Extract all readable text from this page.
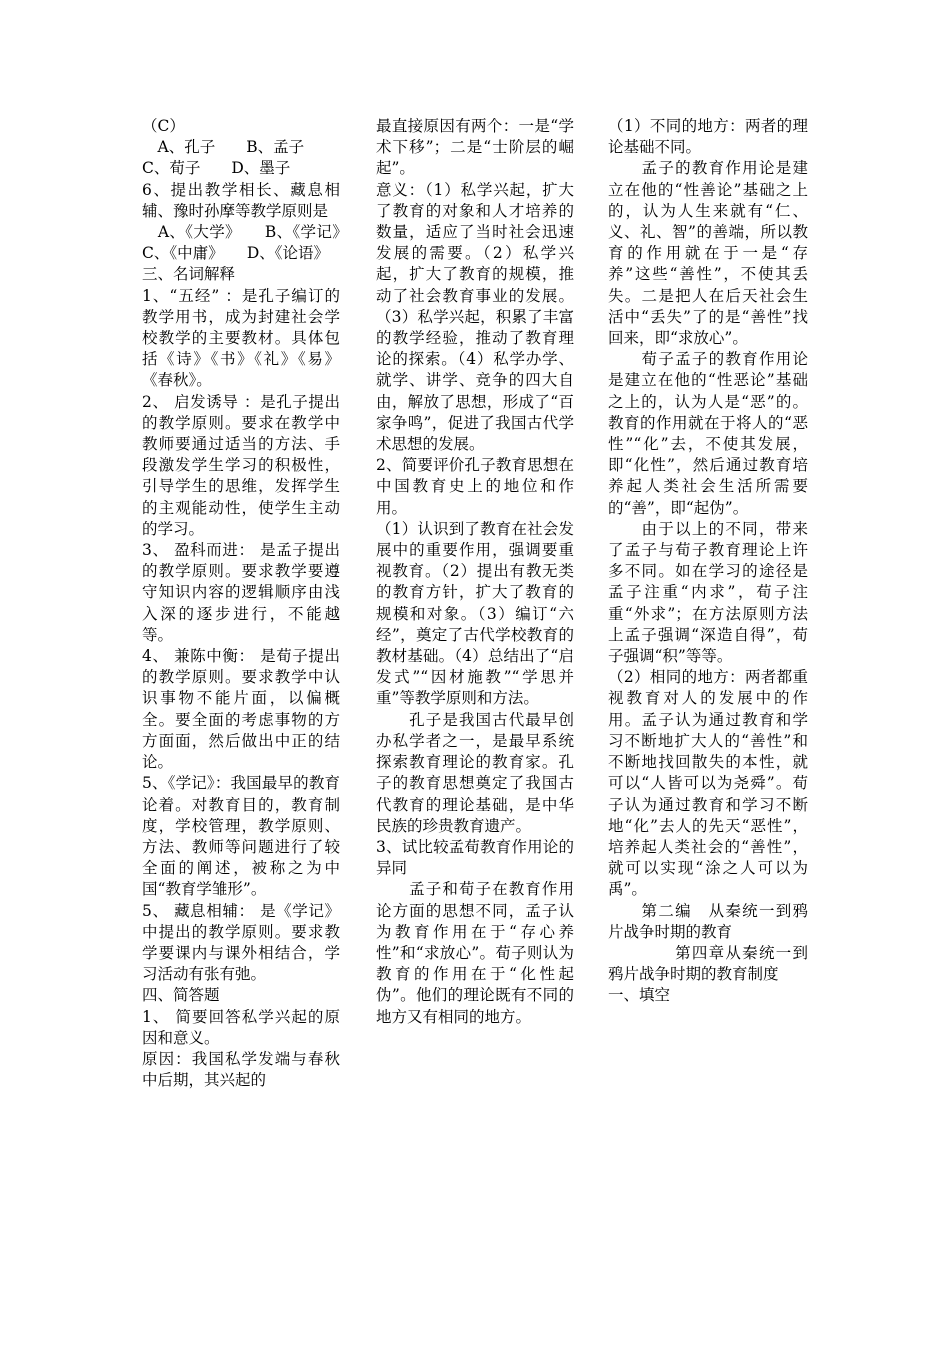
（C）
　A、孔子　　B、孟子
C、荀子　　D、墨子
6、提出教学相长、藏息相辅、豫时孙摩等教学原则是
　A、《大学》　　B、《学记》　　C、《中庸》　　D、《论语》
三、名词解释
1、“五经” ：是孔子编订的教学用书，成为封建社会学校教学的主要教材。具体包括《诗》《书》《礼》《易》《春秋》。
2、 启发诱导 ：是孔子提出的教学原则。要求在教学中教师要通过适当的方法、手段激发学生学习的积极性，引导学生的思维，发挥学生的主观能动性，使学生主动的学习。
3、 盈科而进： 是孟子提出的教学原则。要求教学要遵守知识内容的逻辑顺序由浅入深的逐步进行，不能越等。
4、 兼陈中衡： 是荀子提出的教学原则。要求教学中认识事物不能片面，以偏概全。要全面的考虑事物的方方面面，然后做出中正的结论。
5、《学记》：我国最早的教育论着。对教育目的，教育制度，学校管理，教学原则、方法、教师等问题进行了较全面的阐述，被称之为中国“教育学雏形”。
5、 藏息相辅： 是《学记》中提出的教学原则。要求教学要课内与课外相结合，学习活动有张有弛。
四、简答题
1、 简要回答私学兴起的原因和意义。
原因：我国私学发端与春秋中后期，其兴起的
最直接原因有两个：一是“学术下移”；二是“士阶层的崛起”。
意义：（1）私学兴起，扩大了教育的对象和人才培养的数量，适应了当时社会迅速发展的需要。（2）私学兴起，扩大了教育的规模，推动了社会教育事业的发展。（3）私学兴起，积累了丰富的教学经验，推动了教育理论的探索。（4）私学办学、就学、讲学、竞争的四大自由，解放了思想，形成了“百家争鸣”，促进了我国古代学术思想的发展。
2、简要评价孔子教育思想在中国教育史上的地位和作用。
（1）认识到了教育在社会发展中的重要作用，强调要重视教育。（2）提出有教无类的教育方针，扩大了教育的规模和对象。（3）编订“六经”，奠定了古代学校教育的教材基础。（4）总结出了“启发式”“因材施教”“学思并重”等教学原则和方法。
　　孔子是我国古代最早创办私学者之一，是最早系统探索教育理论的教育家。孔子的教育思想奠定了我国古代教育的理论基础，是中华民族的珍贵教育遗产。
3、试比较孟荀教育作用论的异同
　　孟子和荀子在教育作用论方面的思想不同，孟子认为教育作用在于“存心养性”和“求放心”。荀子则认为教育的作用在于“化性起伪”。他们的理论既有不同的地方又有相同的地方。
（1）不同的地方：两者的理论基础不同。
　　孟子的教育作用论是建立在他的“性善论”基础之上的，认为人生来就有“仁、义、礼、智”的善端，所以教育的作用就在于一是“存养”这些“善性”，不使其丢失。二是把人在后天社会生活中“丢失”了的是“善性”找回来，即“求放心”。
　　荀子孟子的教育作用论是建立在他的“性恶论”基础之上的，认为人是“恶”的。教育的作用就在于将人的“恶性”“化”去，不使其发展，即“化性”，然后通过教育培养起人类社会生活所需要的“善”，即“起伪”。
　　由于以上的不同，带来了孟子与荀子教育理论上许多不同。如在学习的途径是孟子注重“内求”，荀子注重“外求”；在方法原则方法上孟子强调“深造自得”，荀子强调“积”等等。
（2）相同的地方：两者都重视教育对人的发展中的作用。孟子认为通过教育和学习不断地扩大人的“善性”和不断地找回散失的本性，就可以“人皆可以为尧舜”。荀子认为通过教育和学习不断地“化”去人的先天“恶性”，培养起人类社会的“善性”，就可以实现“涂之人可以为禹”。
　　第二编　从秦统一到鸦片战争时期的教育
　　　　第四章从秦统一到鸦片战争时期的教育制度
一、填空
